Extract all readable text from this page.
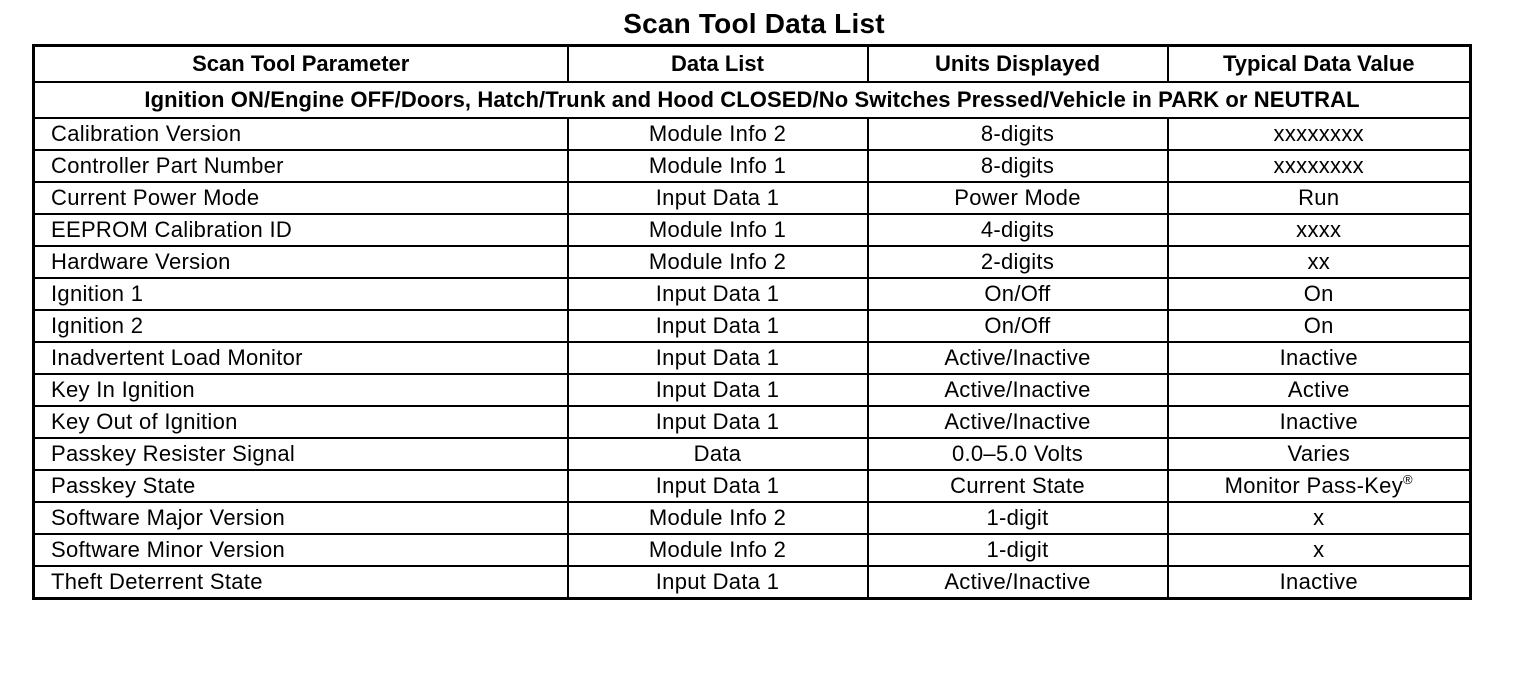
Scan Tool Data List
Scan Tool Parameter	Data List	Units Displayed	Typical Data Value
Ignition ON/Engine OFF/Doors, Hatch/Trunk and Hood CLOSED/No Switches Pressed/Vehicle in PARK or NEUTRAL			
Calibration Version	Module Info 2	8-digits	xxxxxxxx
Controller Part Number	Module Info 1	8-digits	xxxxxxxx
Current Power Mode	Input Data 1	Power Mode	Run
EEPROM Calibration ID	Module Info 1	4-digits	xxxx
Hardware Version	Module Info 2	2-digits	xx
Ignition 1	Input Data 1	On/Off	On
Ignition 2	Input Data 1	On/Off	On
Inadvertent Load Monitor	Input Data 1	Active/Inactive	Inactive
Key In Ignition	Input Data 1	Active/Inactive	Active
Key Out of Ignition	Input Data 1	Active/Inactive	Inactive
Passkey Resister Signal	Data	0.0–5.0 Volts	Varies
Passkey State	Input Data 1	Current State	Monitor Pass-Key®
Software Major Version	Module Info 2	1-digit	x
Software Minor Version	Module Info 2	1-digit	x
Theft Deterrent State	Input Data 1	Active/Inactive	Inactive
